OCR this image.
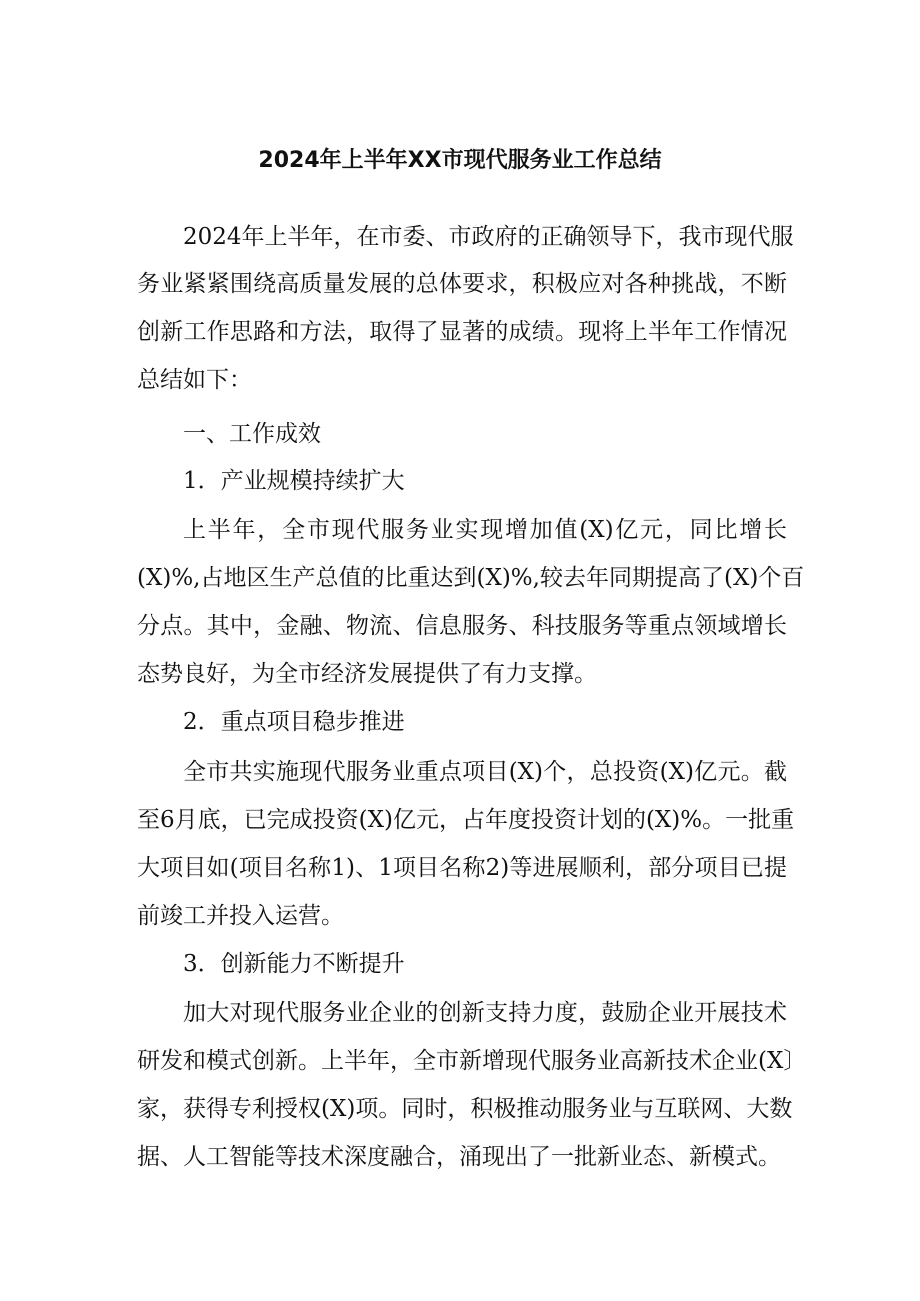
2024年上半年XX市现代服务业工作总结
2024年上半年，在市委、市政府的正确领导下，我市现代服
务业紧紧围绕高质量发展的总体要求，积极应对各种挑战，不断
创新工作思路和方法，取得了显著的成绩。现将上半年工作情况
总结如下：
一、工作成效
1．产业规模持续扩大
上半年，全市现代服务业实现增加值(X)亿元，同比增长
(X)%,占地区生产总值的比重达到(X)%,较去年同期提高了(X)个百
分点。其中，金融、物流、信息服务、科技服务等重点领域增长
态势良好，为全市经济发展提供了有力支撑。
2．重点项目稳步推进
全市共实施现代服务业重点项目(X)个，总投资(X)亿元。截
至6月底，已完成投资(X)亿元，占年度投资计划的(X)%。一批重
大项目如(项目名称1)、1项目名称2)等进展顺利，部分项目已提
前竣工并投入运营。
3．创新能力不断提升
加大对现代服务业企业的创新支持力度，鼓励企业开展技术
研发和模式创新。上半年，全市新增现代服务业高新技术企业(X〕
家，获得专利授权(X)项。同时，积极推动服务业与互联网、大数
据、人工智能等技术深度融合，涌现出了一批新业态、新模式。
